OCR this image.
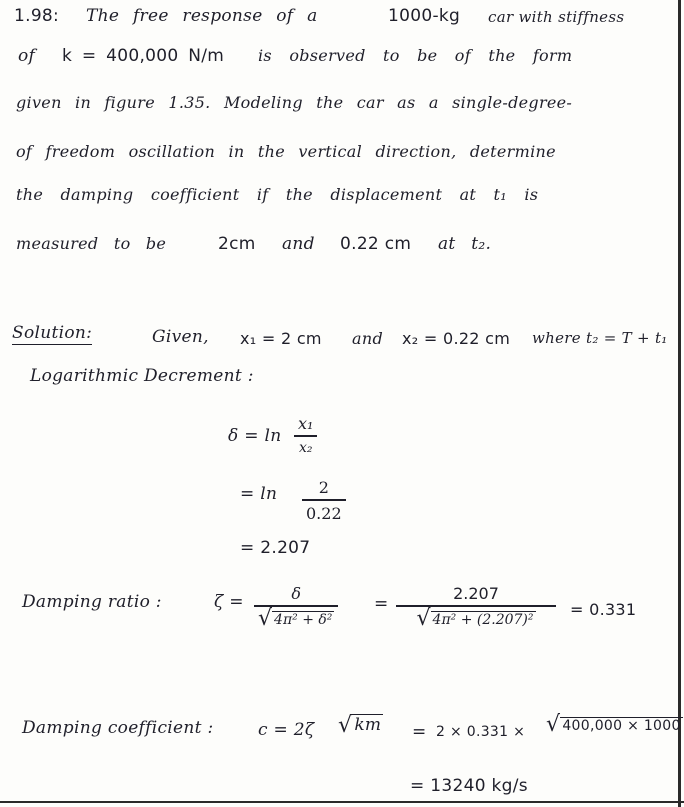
1.98: The free response of a	1000-kg car with stiffness
of k = 400,000 N/m is observed to be of the form
given in figure 1.35. Modeling the car as a single-degree-
of freedom oscillation in the vertical direction, determine
the damping coefficient if the displacement at t₁ is
measured to be	2cm and 0.22 cm at t₂.
Solution:	Given, x₁ = 2 cm and x₂ = 0.22 cm where t₂ = T + t₁
Logarithmic Decrement :
δ = ln
x₁
x₂
= ln	2
0.22
= 2.207
Damping ratio :	ζ =	δ
√ 4π² + δ²
=
2.207
√ 4π² + (2.207)²
= 0.331
Damping coefficient :	c = 2ζ √ km = 2 × 0.331 × √ 400,000 × 1000
= 13240 kg/s
